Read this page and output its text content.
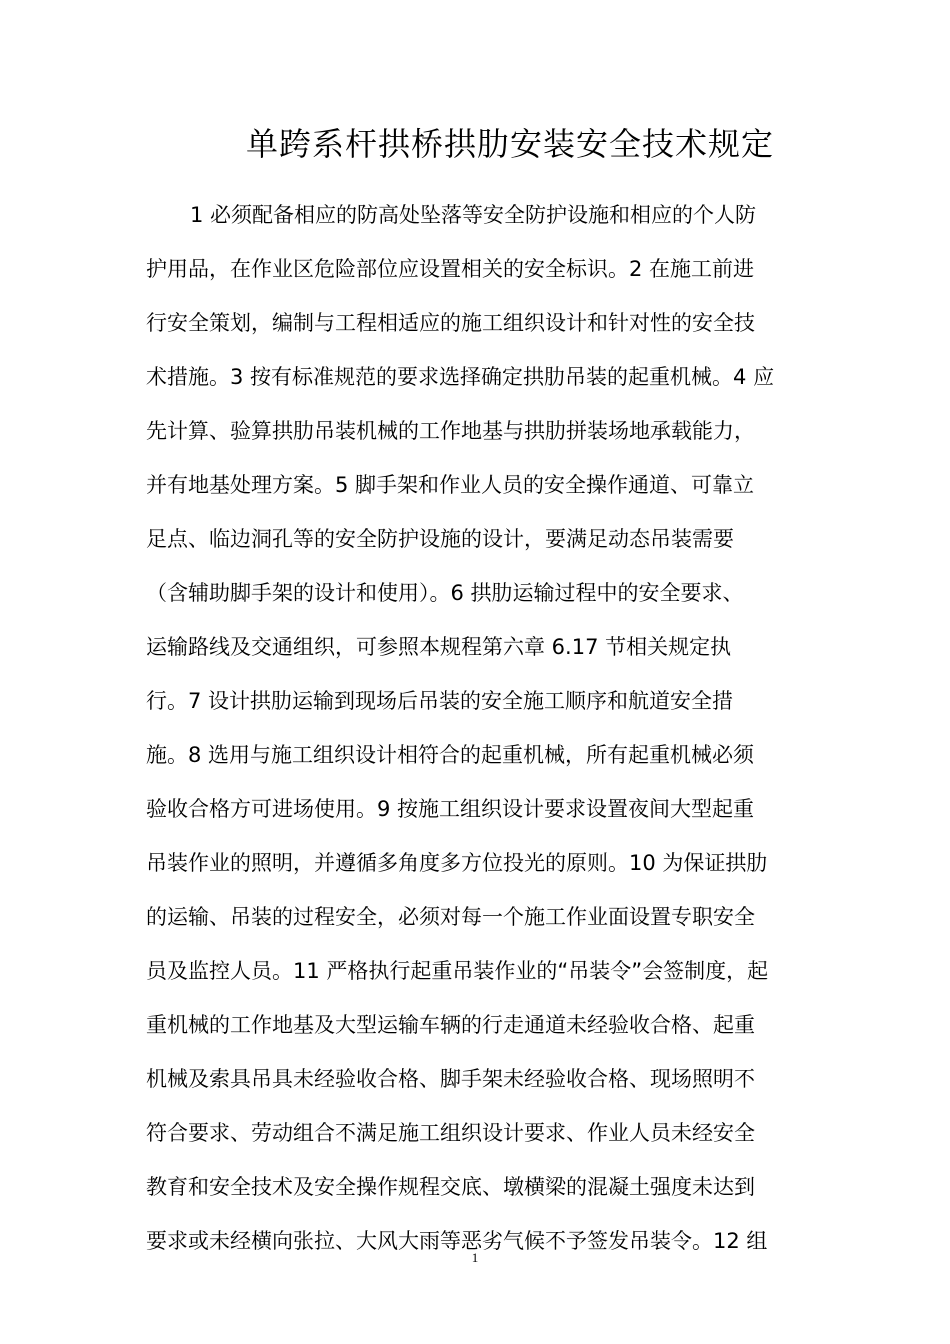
单跨系杆拱桥拱肋安装安全技术规定
1 必须配备相应的防高处坠落等安全防护设施和相应的个人防
护用品，在作业区危险部位应设置相关的安全标识。2 在施工前进
行安全策划，编制与工程相适应的施工组织设计和针对性的安全技
术措施。3 按有标准规范的要求选择确定拱肋吊装的起重机械。4 应
先计算、验算拱肋吊装机械的工作地基与拱肋拼装场地承载能力，
并有地基处理方案。5 脚手架和作业人员的安全操作通道、可靠立
足点、临边洞孔等的安全防护设施的设计，要满足动态吊装需要
（含辅助脚手架的设计和使用）。6 拱肋运输过程中的安全要求、
运输路线及交通组织，可参照本规程第六章 6.17 节相关规定执
行。7 设计拱肋运输到现场后吊装的安全施工顺序和航道安全措
施。8 选用与施工组织设计相符合的起重机械，所有起重机械必须
验收合格方可进场使用。9 按施工组织设计要求设置夜间大型起重
吊装作业的照明，并遵循多角度多方位投光的原则。10 为保证拱肋
的运输、吊装的过程安全，必须对每一个施工作业面设置专职安全
员及监控人员。11 严格执行起重吊装作业的“吊装令”会签制度，起
重机械的工作地基及大型运输车辆的行走通道未经验收合格、起重
机械及索具吊具未经验收合格、脚手架未经验收合格、现场照明不
符合要求、劳动组合不满足施工组织设计要求、作业人员未经安全
教育和安全技术及安全操作规程交底、墩横梁的混凝土强度未达到
要求或未经横向张拉、大风大雨等恶劣气候不予签发吊装令。12 组
1
